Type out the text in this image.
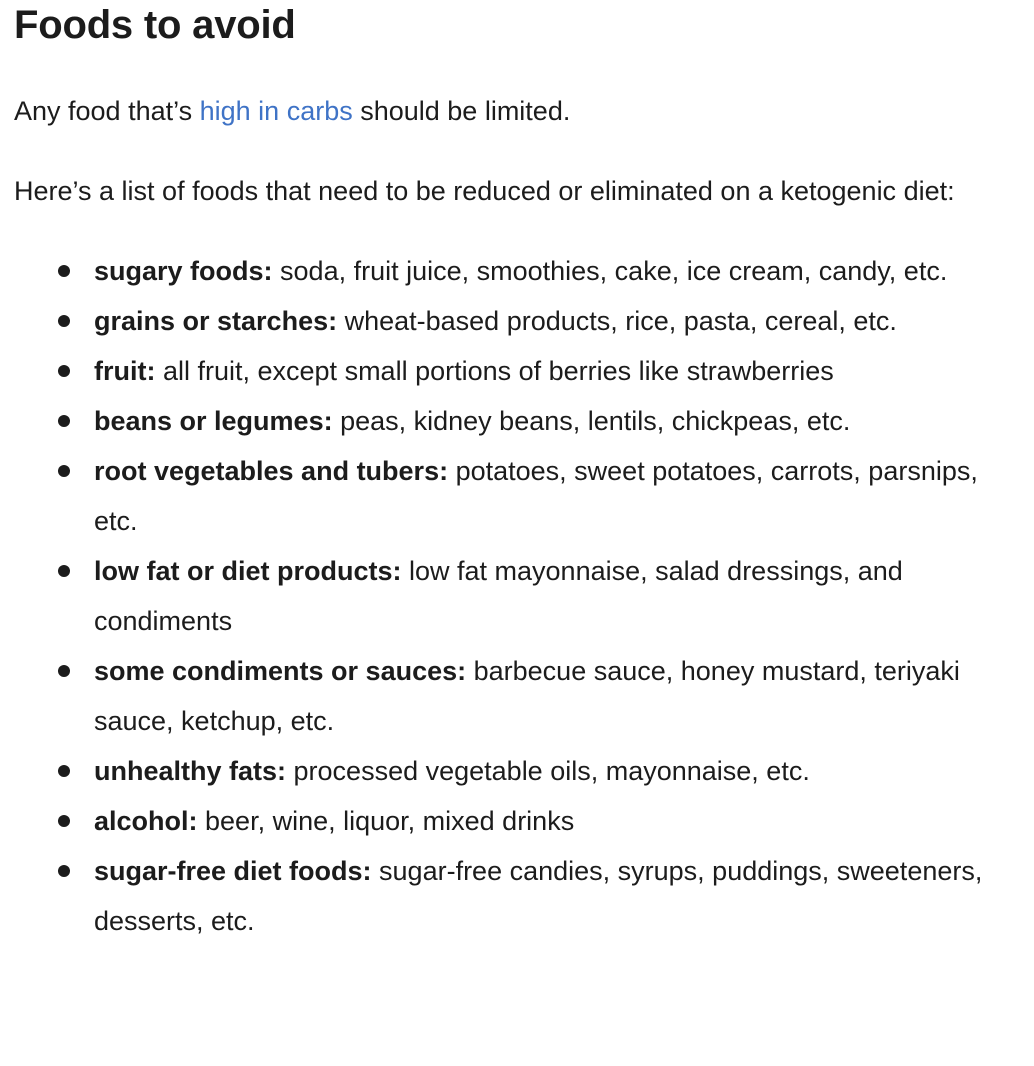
Foods to avoid

Any food that’s high in carbs should be limited.

Here’s a list of foods that need to be reduced or eliminated on a ketogenic diet:

sugary foods: soda, fruit juice, smoothies, cake, ice cream, candy, etc.
grains or starches: wheat-based products, rice, pasta, cereal, etc.
fruit: all fruit, except small portions of berries like strawberries
beans or legumes: peas, kidney beans, lentils, chickpeas, etc.
root vegetables and tubers: potatoes, sweet potatoes, carrots, parsnips, etc.
low fat or diet products: low fat mayonnaise, salad dressings, and condiments
some condiments or sauces: barbecue sauce, honey mustard, teriyaki sauce, ketchup, etc.
unhealthy fats: processed vegetable oils, mayonnaise, etc.
alcohol: beer, wine, liquor, mixed drinks
sugar-free diet foods: sugar-free candies, syrups, puddings, sweeteners, desserts, etc.
